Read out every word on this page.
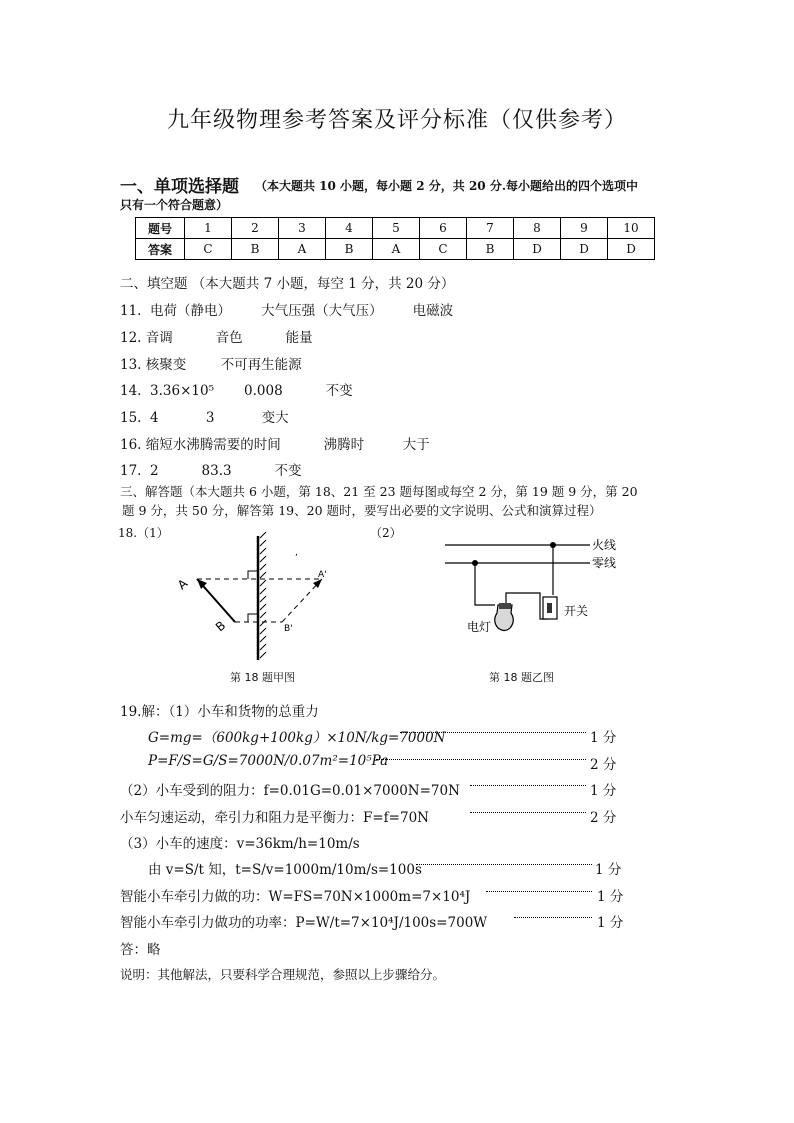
九年级物理参考答案及评分标准（仅供参考）
一、单项选择题 （本大题共 10 小题，每小题 2 分，共 20 分.每小题给出的四个选项中
只有一个符合题意）
题号	1	2	3	4	5	6	7	8	9	10
答案	C	B	A	B	A	C	B	D	D	D
二、填空题 （本大题共 7 小题，每空 1 分，共 20 分）
11.  电荷（静电）       大气压强（大气压）       电磁波
12. 音调          音色          能量
13. 核聚变        不可再生能源
14.  3.36×10⁵       0.008          不变
15.  4           3           变大
16. 缩短水沸腾需要的时间          沸腾时         大于
17.  2          83.3          不变
三、解答题（本大题共 6 小题，第 18、21 至 23 题每图或每空 2 分，第 19 题 9 分，第 20
题 9 分，共 50 分，解答第 19、20 题时，要写出必要的文字说明、公式和演算过程）
18.（1）	（2）
A
B
A'
B'
,
火线
零线
开关
电灯
第 18 题甲图	第 18 题乙图
19.解：（1）小车和货物的总重力
G=mg=（600kg+100kg）×10N/kg=7000N	1 分
P=F/S=G/S=7000N/0.07m²=10⁵Pa	2 分
（2）小车受到的阻力：f=0.01G=0.01×7000N=70N	1 分
小车匀速运动，牵引力和阻力是平衡力：F=f=70N	2 分
（3）小车的速度：v=36km/h=10m/s
由 v=S/t 知，t=S/v=1000m/10m/s=100s	1 分
智能小车牵引力做的功：W=FS=70N×1000m=7×10⁴J	1 分
智能小车牵引力做功的功率：P=W/t=7×10⁴J/100s=700W	1 分
答：略
说明：其他解法，只要科学合理规范，参照以上步骤给分。
